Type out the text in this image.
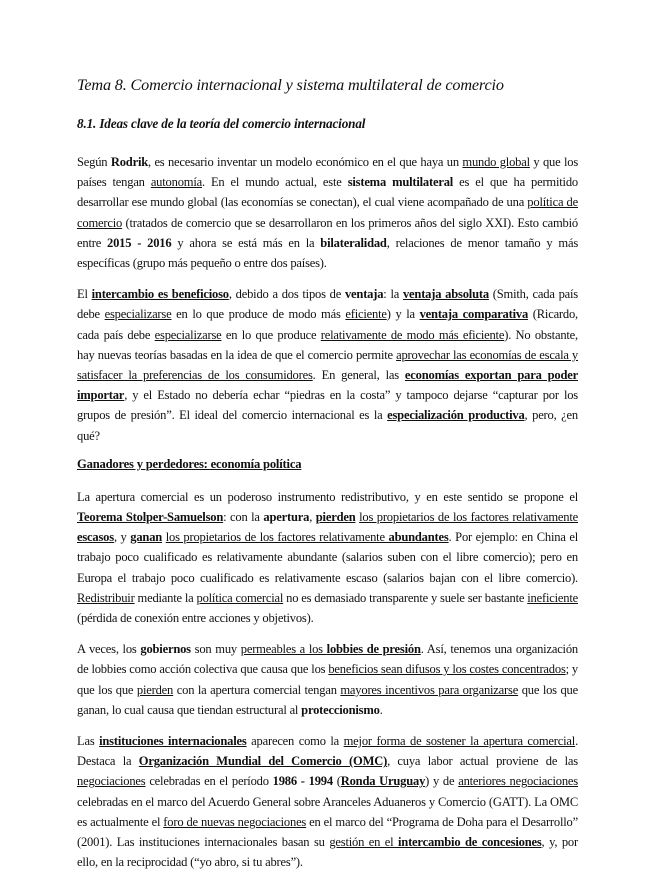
Tema 8. Comercio internacional y sistema multilateral de comercio
8.1. Ideas clave de la teoría del comercio internacional

Según Rodrik, es necesario inventar un modelo económico en el que haya un mundo global y que los países tengan autonomía. En el mundo actual, este sistema multilateral es el que ha permitido desarrollar ese mundo global (las economías se conectan), el cual viene acompañado de una política de comercio (tratados de comercio que se desarrollaron en los primeros años del siglo XXI). Esto cambió entre 2015 - 2016 y ahora se está más en la bilateralidad, relaciones de menor tamaño y más específicas (grupo más pequeño o entre dos países).

El intercambio es beneficioso, debido a dos tipos de ventaja: la ventaja absoluta (Smith, cada país debe especializarse en lo que produce de modo más eficiente) y la ventaja comparativa (Ricardo, cada país debe especializarse en lo que produce relativamente de modo más eficiente). No obstante, hay nuevas teorías basadas en la idea de que el comercio permite aprovechar las economías de escala y satisfacer la preferencias de los consumidores. En general, las economías exportan para poder importar, y el Estado no debería echar “piedras en la costa” y tampoco dejarse “capturar por los grupos de presión”. El ideal del comercio internacional es la especialización productiva, pero, ¿en qué?

Ganadores y perdedores: economía política

La apertura comercial es un poderoso instrumento redistributivo, y en este sentido se propone el Teorema Stolper-Samuelson: con la apertura, pierden los propietarios de los factores relativamente escasos, y ganan los propietarios de los factores relativamente abundantes. Por ejemplo: en China el trabajo poco cualificado es relativamente abundante (salarios suben con el libre comercio); pero en Europa el trabajo poco cualificado es relativamente escaso (salarios bajan con el libre comercio). Redistribuir mediante la política comercial no es demasiado transparente y suele ser bastante ineficiente (pérdida de conexión entre acciones y objetivos).

A veces, los gobiernos son muy permeables a los lobbies de presión. Así, tenemos una organización de lobbies como acción colectiva que causa que los beneficios sean difusos y los costes concentrados; y que los que pierden con la apertura comercial tengan mayores incentivos para organizarse que los que ganan, lo cual causa que tiendan estructural al proteccionismo.

Las instituciones internacionales aparecen como la mejor forma de sostener la apertura comercial. Destaca la Organización Mundial del Comercio (OMC), cuya labor actual proviene de las negociaciones celebradas en el período 1986 - 1994 (Ronda Uruguay) y de anteriores negociaciones celebradas en el marco del Acuerdo General sobre Aranceles Aduaneros y Comercio (GATT). La OMC es actualmente el foro de nuevas negociaciones en el marco del “Programa de Doha para el Desarrollo” (2001). Las instituciones internacionales basan su gestión en el intercambio de concesiones, y, por ello, en la reciprocidad (“yo abro, si tu abres”).
